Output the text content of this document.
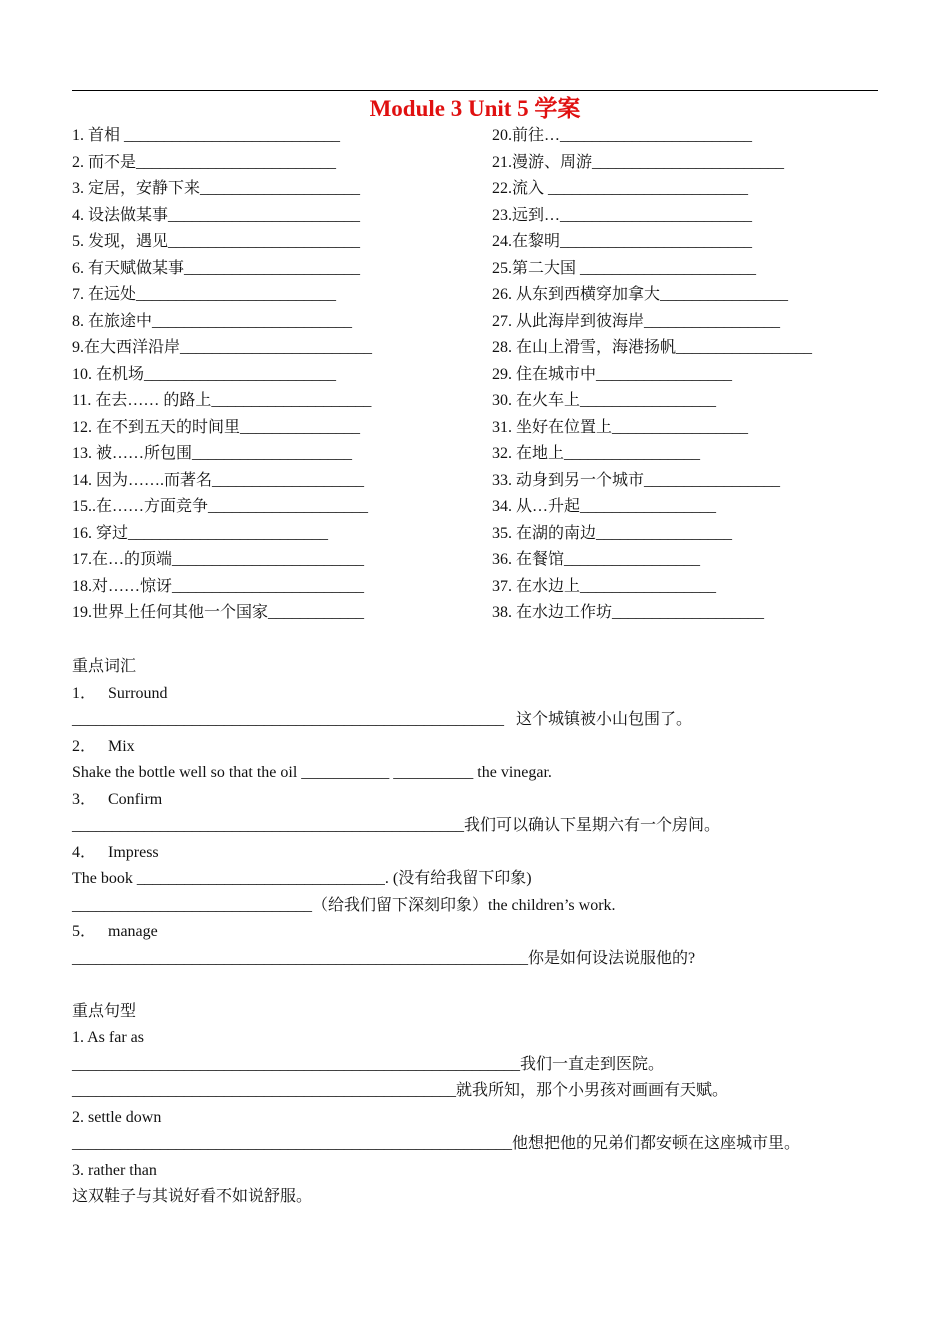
Module 3 Unit 5 学案
1. 首相 ___________________________
2. 而不是_________________________
3. 定居，安静下来____________________
4. 设法做某事________________________
5. 发现，遇见________________________
6. 有天赋做某事______________________
7. 在远处_________________________
8. 在旅途中_________________________
9.在大西洋沿岸________________________
10. 在机场________________________
11. 在去…… 的路上____________________
12. 在不到五天的时间里_______________
13. 被……所包围____________________
14. 因为…….而著名___________________
15..在……方面竞争____________________
16. 穿过_________________________
17.在…的顶端________________________
18.对……惊讶________________________
19.世界上任何其他一个国家____________
20.前往…________________________
21.漫游、周游________________________
22.流入 _________________________
23.远到…________________________
24.在黎明________________________
25.第二大国 ______________________
26. 从东到西横穿加拿大________________
27. 从此海岸到彼海岸_________________
28. 在山上滑雪，海港扬帆_________________
29. 住在城市中_________________
30. 在火车上_________________
31. 坐好在位置上_________________
32. 在地上_________________
33. 动身到另一个城市_________________
34. 从…升起_________________
35. 在湖的南边_________________
36. 在餐馆_________________
37. 在水边上_________________
38. 在水边工作坊___________________
重点词汇
1．   Surround
______________________________________________________   这个城镇被小山包围了。
2．   Mix
Shake the bottle well so that the oil ___________ __________ the vinegar.
3．   Confirm
_________________________________________________我们可以确认下星期六有一个房间。
4．   Impress
The book _______________________________. (没有给我留下印象)
______________________________（给我们留下深刻印象）the children’s work.
5．   manage
_________________________________________________________你是如何设法说服他的?
重点句型
1. As far as
________________________________________________________我们一直走到医院。
________________________________________________就我所知，那个小男孩对画画有天赋。
2. settle down
_______________________________________________________他想把他的兄弟们都安顿在这座城市里。
3. rather than
这双鞋子与其说好看不如说舒服。
